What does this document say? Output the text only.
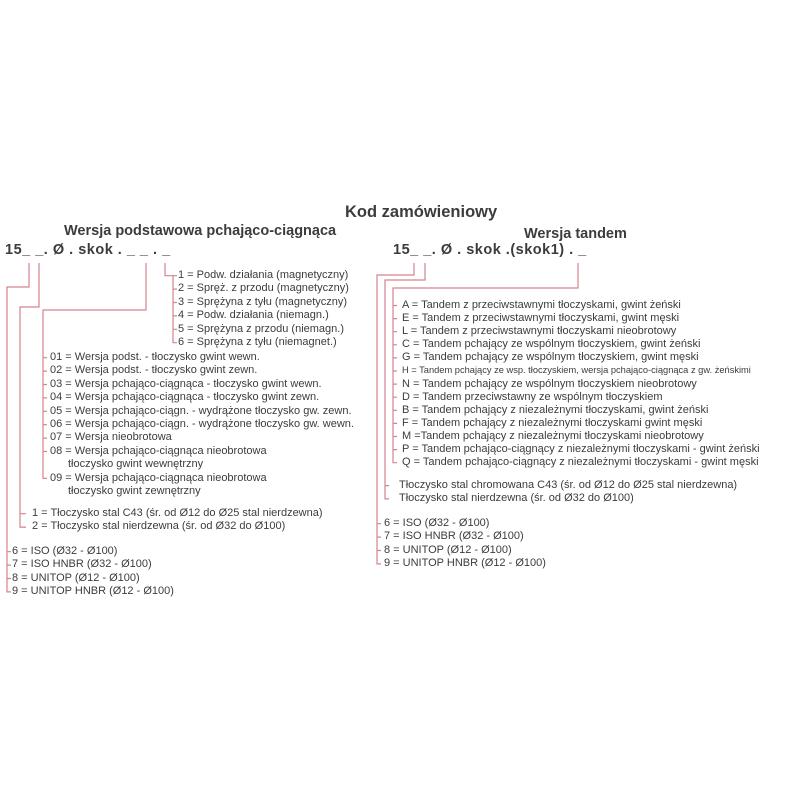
Kod zamówieniowy
Wersja podstawowa pchająco-ciągnąca	Wersja tandem
15_ _. Ø . skok . _ _ . _	15_ _. Ø . skok .(skok1) . _
1 = Podw. działania (magnetyczny)
2 = Spręż. z przodu (magnetyczny)
3 = Sprężyna z tyłu (magnetyczny)
4 = Podw. działania (niemagn.)
5 = Sprężyna z przodu (niemagn.)
6 = Sprężyna z tyłu (niemagnet.)
01 = Wersja podst. - tłoczysko gwint wewn.
02 = Wersja podst. - tłoczysko gwint zewn.
03 = Wersja pchająco-ciągnąca - tłoczysko gwint wewn.
04 = Wersja pchająco-ciągnąca - tłoczysko gwint zewn.
05 = Wersja pchająco-ciągn. - wydrążone tłoczysko gw. zewn.
06 = Wersja pchająco-ciągn. - wydrążone tłoczysko gw. wewn.
07 = Wersja nieobrotowa
08 = Wersja pchająco-ciągnąca nieobrotowa
tłoczysko gwint wewnętrzny
09 = Wersja pchająco-ciągnąca nieobrotowa
tłoczysko gwint zewnętrzny
1 = Tłoczysko stal C43 (śr. od Ø12 do Ø25 stal nierdzewna)
2 = Tłoczysko stal nierdzewna (śr. od Ø32 do Ø100)
6 = ISO (Ø32 - Ø100)
7 = ISO HNBR (Ø32 - Ø100)
8 = UNITOP (Ø12 - Ø100)
9 = UNITOP HNBR (Ø12 - Ø100)
A = Tandem z przeciwstawnymi tłoczyskami, gwint żeński
E = Tandem z przeciwstawnymi tłoczyskami, gwint męski
L = Tandem z przeciwstawnymi tłoczyskami nieobrotowy
C = Tandem pchający ze wspólnym tłoczyskiem, gwint żeński
G = Tandem pchający ze wspólnym tłoczyskiem, gwint męski
H = Tandem pchający ze wsp. tłoczyskiem, wersja pchająco-ciągnąca z gw. żeńskimi
N = Tandem pchający ze wspólnym tłoczyskiem nieobrotowy
D = Tandem przeciwstawny ze wspólnym tłoczyskiem
B = Tandem pchający z niezależnymi tłoczyskami, gwint żeński
F = Tandem pchający z niezależnymi tłoczyskami gwint męski
M =Tandem pchający z niezależnymi tłoczyskami nieobrotowy
P = Tandem pchająco-ciągnący z niezależnymi tłoczyskami - gwint żeński
Q = Tandem pchająco-ciągnący z niezależnymi tłoczyskami - gwint męski
Tłoczysko stal chromowana C43 (śr. od Ø12 do Ø25 stal nierdzewna)
Tłoczysko stal nierdzewna (śr. od Ø32 do Ø100)
6 = ISO (Ø32 - Ø100)
7 = ISO HNBR (Ø32 - Ø100)
8 = UNITOP (Ø12 - Ø100)
9 = UNITOP HNBR (Ø12 - Ø100)
